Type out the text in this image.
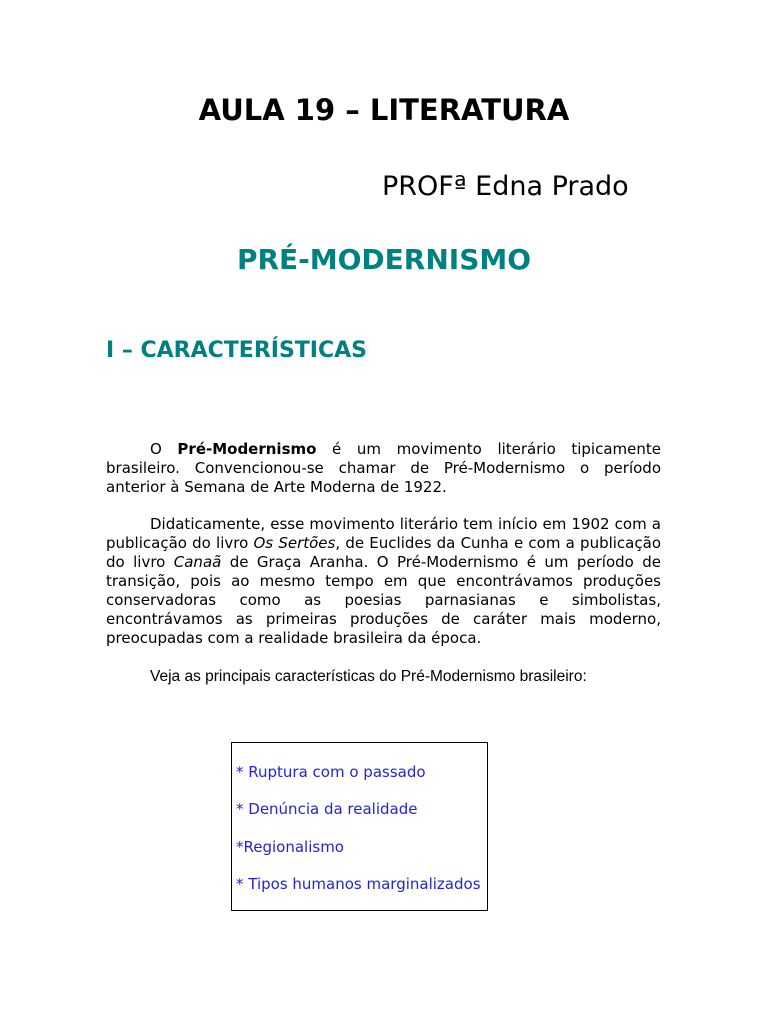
AULA 19 – LITERATURA
PROFª Edna Prado
PRÉ-MODERNISMO
I – CARACTERÍSTICAS

O Pré-Modernismo é um movimento literário tipicamente brasileiro. Convencionou-se chamar de Pré-Modernismo o período anterior à Semana de Arte Moderna de 1922.

Didaticamente, esse movimento literário tem início em 1902 com a publicação do livro Os Sertões, de Euclides da Cunha e com a publicação do livro Canaã de Graça Aranha. O Pré-Modernismo é um período de transição, pois ao mesmo tempo em que encontrávamos produções conservadoras como as poesias parnasianas e simbolistas, encontrávamos as primeiras produções de caráter mais moderno, preocupadas com a realidade brasileira da época.

Veja as principais características do Pré-Modernismo brasileiro:

* Ruptura com o passado
* Denúncia da realidade
*Regionalismo
* Tipos humanos marginalizados
